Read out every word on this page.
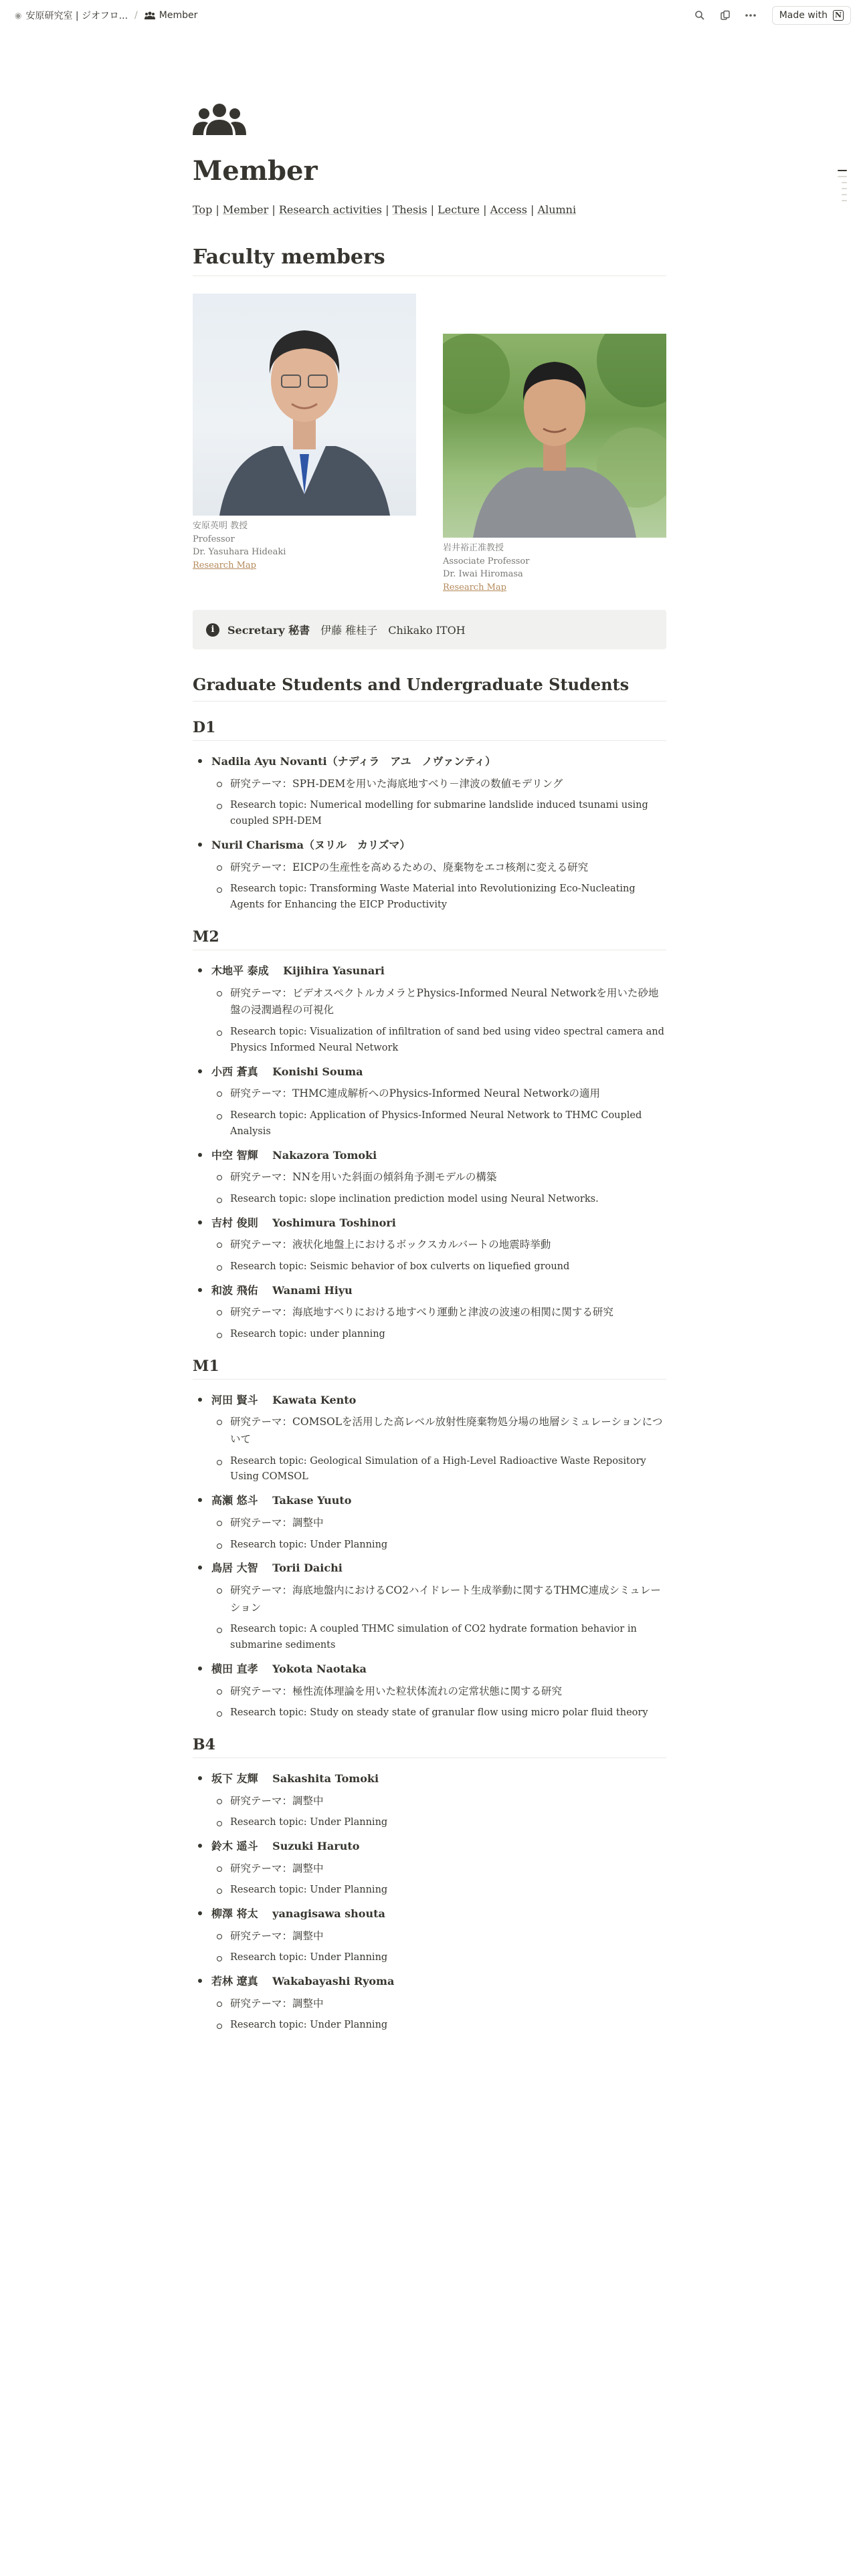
◉ 安原研究室 | ジオフロ... / Member	Made with N
Member
Top | Member | Research activities | Thesis | Lecture | Access | Alumni
Faculty members
安原英明 教授
Professor
Dr. Yasuhara Hideaki
Research Map
岩井裕正准教授
Associate Professor
Dr. Iwai Hiromasa
Research Map
i	Secretary 秘書　 伊藤 稚桂子　Chikako ITOH
Graduate Students and Undergraduate Students
D1
Nadila Ayu Novanti（ナディラ　アユ　ノヴァンティ）
研究テーマ：SPH-DEMを用いた海底地すべり－津波の数値モデリング
Research topic: Numerical modelling for submarine landslide induced tsunami using coupled SPH-DEM
Nuril Charisma（ヌリル　カリズマ）
研究テーマ：EICPの生産性を高めるための、廃棄物をエコ核剤に変える研究
Research topic: Transforming Waste Material into Revolutionizing Eco-Nucleating Agents for Enhancing the EICP Productivity
M2
木地平 泰成　 Kijihira Yasunari
研究テーマ：ビデオスペクトルカメラとPhysics-Informed Neural Networkを用いた砂地盤の浸潤過程の可視化
Research topic: Visualization of infiltration of sand bed using video spectral camera and Physics Informed Neural Network
小西 蒼真　 Konishi Souma
研究テーマ：THMC連成解析へのPhysics-Informed Neural Networkの適用
Research topic: Application of Physics-Informed Neural Network to THMC Coupled Analysis
中空 智輝　 Nakazora Tomoki
研究テーマ：NNを用いた斜面の傾斜角予測モデルの構築
Research topic: slope inclination prediction model using Neural Networks.
吉村 俊則　 Yoshimura Toshinori
研究テーマ：液状化地盤上におけるボックスカルバートの地震時挙動
Research topic: Seismic behavior of box culverts on liquefied ground
和波 飛佑　 Wanami Hiyu
研究テーマ：海底地すべりにおける地すべり運動と津波の波速の相関に関する研究
Research topic: under planning
M1
河田 賢斗　 Kawata Kento
研究テーマ：COMSOLを活用した高レベル放射性廃棄物処分場の地層シミュレーションについて
Research topic: Geological Simulation of a High-Level Radioactive Waste Repository Using COMSOL
高瀬 悠斗　 Takase Yuuto
研究テーマ：調整中
Research topic: Under Planning
鳥居 大智　 Torii Daichi
研究テーマ：海底地盤内におけるCO2ハイドレート生成挙動に関するTHMC連成シミュレーション
Research topic: A coupled THMC simulation of CO2 hydrate formation behavior in submarine sediments
横田 直孝　 Yokota Naotaka
研究テーマ：極性流体理論を用いた粒状体流れの定常状態に関する研究
Research topic: Study on steady state of granular flow using micro polar fluid theory
B4
坂下 友輝　 Sakashita Tomoki
研究テーマ：調整中
Research topic: Under Planning
鈴木 遥斗　 Suzuki Haruto
研究テーマ：調整中
Research topic: Under Planning
柳澤 将太　 yanagisawa shouta
研究テーマ：調整中
Research topic: Under Planning
若林 遼真　 Wakabayashi Ryoma
研究テーマ：調整中
Research topic: Under Planning
